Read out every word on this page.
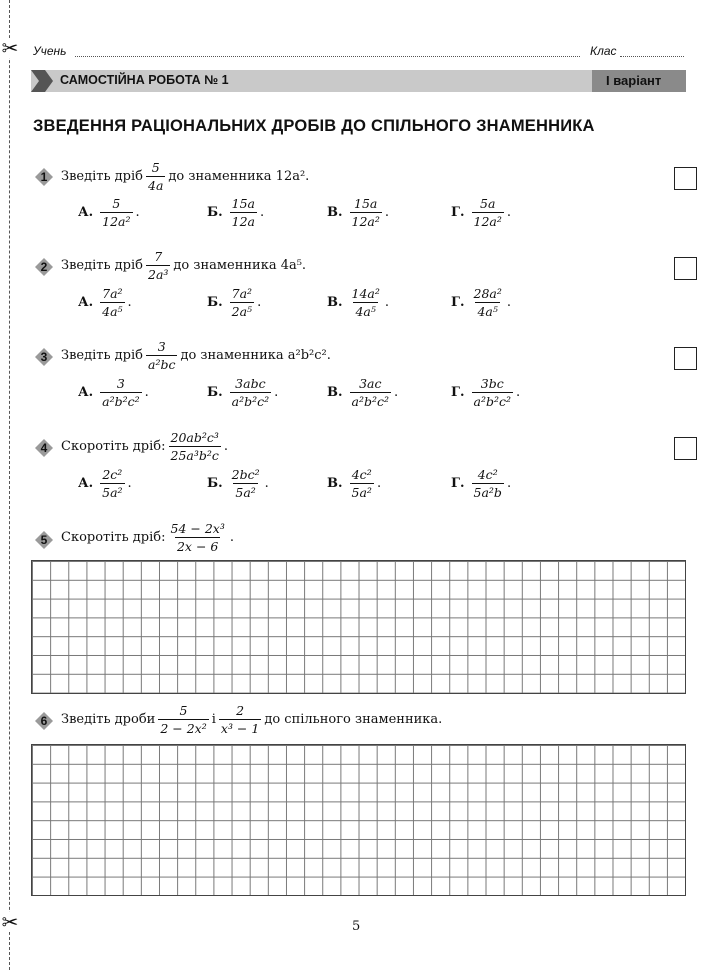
✂
✂
Учень	Клас
САМОСТІЙНА РОБОТА № 1	I варіант
ЗВЕДЕННЯ РАЦІОНАЛЬНИХ ДРОБІВ ДО СПІЛЬНОГО ЗНАМЕННИКА
1	Зведіть дріб $\frac{5}{4a}$ до знаменника 12a².
А. $\frac{5}{\text{12a²}}$ .	Б. $\frac{15a}{12a}$ .	В. $\frac{15a}{\text{12a²}}$ .	Г. $\frac{5a}{\text{12a²}}$ .
2	Зведіть дріб $\frac{7}{\text{2a³}}$ до знаменника 4a⁵.
А. $\frac{\text{7a²}}{\text{4a⁵}}$ .	Б. $\frac{\text{7a²}}{\text{2a⁵}}$ .	В. $\frac{\text{14a²}}{\text{4a⁵}}$ .	Г. $\frac{\text{28a²}}{\text{4a⁵}}$ .
3	Зведіть дріб $\frac{3}{\text{a²bc}}$ до знаменника a²b²c².
А. $\frac{3}{\text{a²b²c²}}$ .	Б. $\frac{\text{3abc}}{\text{a²b²c²}}$ .	В. $\frac{3ac}{\text{a²b²c²}}$ .	Г. $\frac{3bc}{\text{a²b²c²}}$ .
4	Скоротіть дріб: $\frac{\text{20ab²c³}}{\text{25a³b²c}}$ .
А. $\frac{\text{2c²}}{\text{5a²}}$ .	Б. $\frac{\text{2bc²}}{\text{5a²}}$ .	В. $\frac{\text{4c²}}{\text{5a²}}$ .	Г. $\frac{\text{4c²}}{\text{5a²b}}$ .
5	Скоротіть дріб: $\frac{\text{54 − 2x³}}{2x - 6}$ .
6	Зведіть дроби $\frac{5}{\text{2 − 2x²}}$ і $\frac{2}{\text{x³ − 1}}$ до спільного знаменника.
5
